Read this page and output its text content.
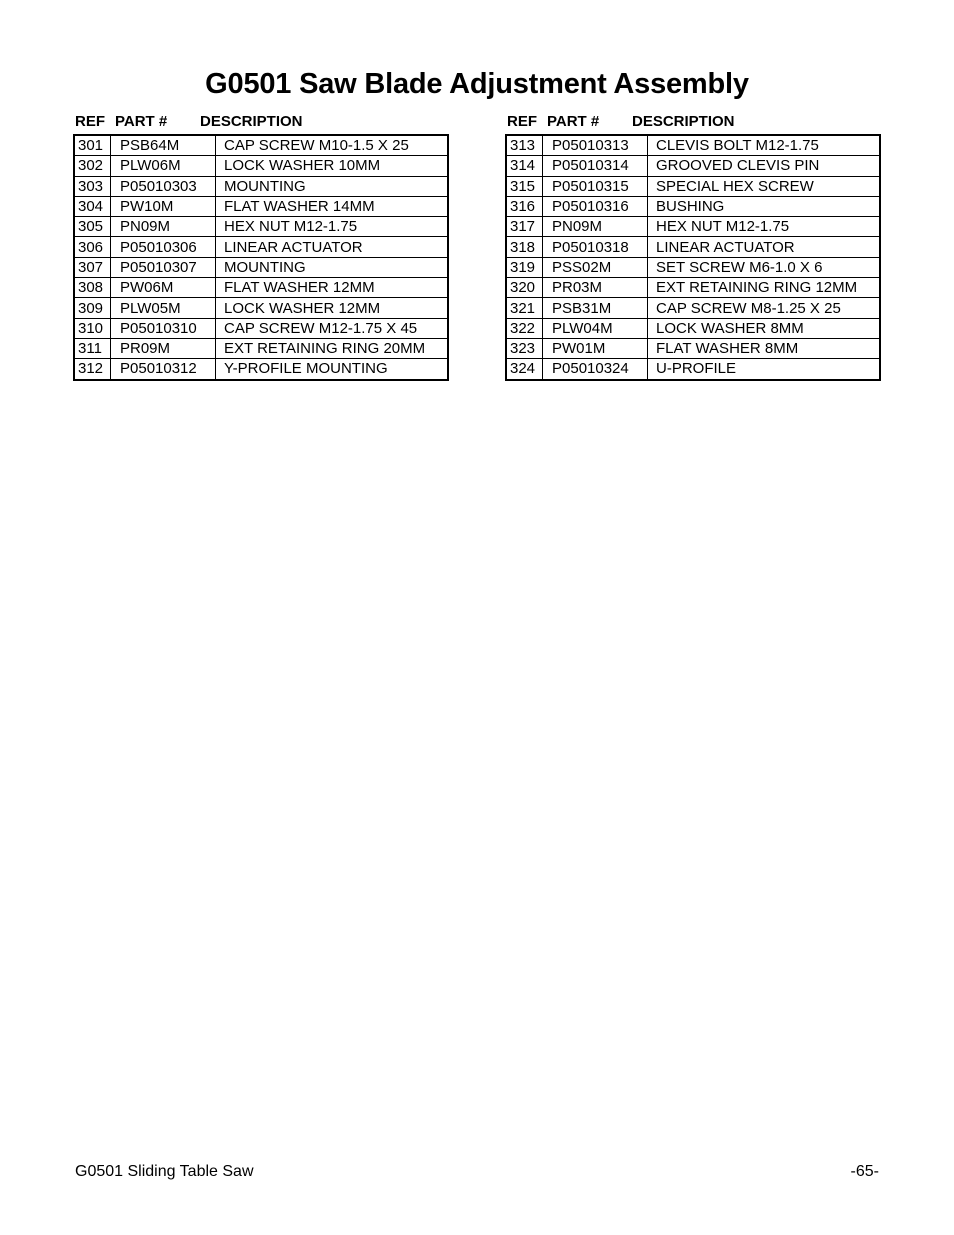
G0501 Saw Blade Adjustment Assembly
REF PART # DESCRIPTION
301	PSB64M	CAP SCREW M10-1.5 X 25
302	PLW06M	LOCK WASHER 10MM
303	P05010303	MOUNTING
304	PW10M	FLAT WASHER 14MM
305	PN09M	HEX NUT M12-1.75
306	P05010306	LINEAR ACTUATOR
307	P05010307	MOUNTING
308	PW06M	FLAT WASHER 12MM
309	PLW05M	LOCK WASHER 12MM
310	P05010310	CAP SCREW M12-1.75 X 45
311	PR09M	EXT RETAINING RING 20MM
312	P05010312	Y-PROFILE MOUNTING
REF PART # DESCRIPTION
313	P05010313	CLEVIS BOLT M12-1.75
314	P05010314	GROOVED CLEVIS PIN
315	P05010315	SPECIAL HEX SCREW
316	P05010316	BUSHING
317	PN09M	HEX NUT M12-1.75
318	P05010318	LINEAR ACTUATOR
319	PSS02M	SET SCREW M6-1.0 X 6
320	PR03M	EXT RETAINING RING 12MM
321	PSB31M	CAP SCREW M8-1.25 X 25
322	PLW04M	LOCK WASHER 8MM
323	PW01M	FLAT WASHER 8MM
324	P05010324	U-PROFILE
G0501 Sliding Table Saw	-65-
